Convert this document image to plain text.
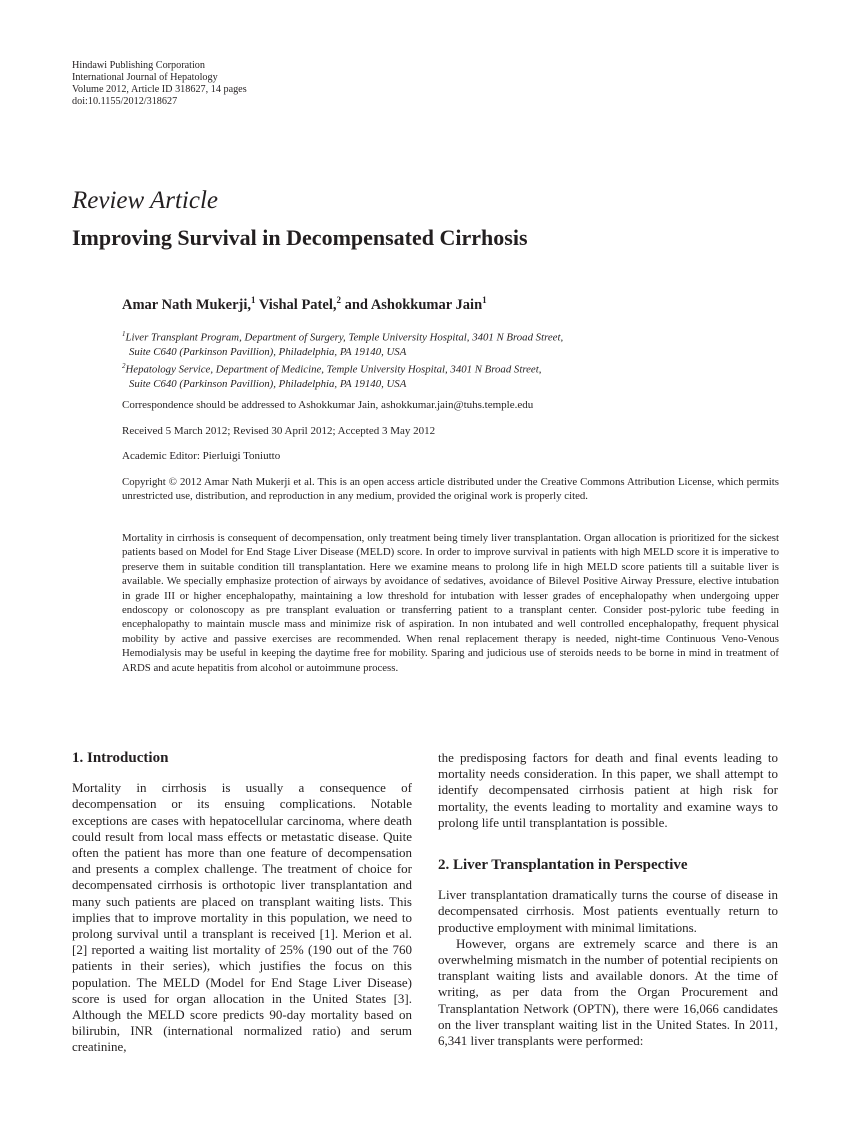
Hindawi Publishing Corporation
International Journal of Hepatology
Volume 2012, Article ID 318627, 14 pages
doi:10.1155/2012/318627
Review Article
Improving Survival in Decompensated Cirrhosis
Amar Nath Mukerji,$^1$ Vishal Patel,$^2$ and Ashokkumar Jain$^1$
$^1$Liver Transplant Program, Department of Surgery, Temple University Hospital, 3401 N Broad Street,
Suite C640 (Parkinson Pavillion), Philadelphia, PA 19140, USA
$^2$Hepatology Service, Department of Medicine, Temple University Hospital, 3401 N Broad Street,
Suite C640 (Parkinson Pavillion), Philadelphia, PA 19140, USA
Correspondence should be addressed to Ashokkumar Jain, ashokkumar.jain@tuhs.temple.edu
Received 5 March 2012; Revised 30 April 2012; Accepted 3 May 2012
Academic Editor: Pierluigi Toniutto
Copyright © 2012 Amar Nath Mukerji et al. This is an open access article distributed under the Creative Commons Attribution License, which permits unrestricted use, distribution, and reproduction in any medium, provided the original work is properly cited.
Mortality in cirrhosis is consequent of decompensation, only treatment being timely liver transplantation. Organ allocation is prioritized for the sickest patients based on Model for End Stage Liver Disease (MELD) score. In order to improve survival in patients with high MELD score it is imperative to preserve them in suitable condition till transplantation. Here we examine means to prolong life in high MELD score patients till a suitable liver is available. We specially emphasize protection of airways by avoidance of sedatives, avoidance of Bilevel Positive Airway Pressure, elective intubation in grade III or higher encephalopathy, maintaining a low threshold for intubation with lesser grades of encephalopathy when undergoing upper endoscopy or colonoscopy as pre transplant evaluation or transferring patient to a transplant center. Consider post-pyloric tube feeding in encephalopathy to maintain muscle mass and minimize risk of aspiration. In non intubated and well controlled encephalopathy, frequent physical mobility by active and passive exercises are recommended. When renal replacement therapy is needed, night-time Continuous Veno-Venous Hemodialysis may be useful in keeping the daytime free for mobility. Sparing and judicious use of steroids needs to be borne in mind in treatment of ARDS and acute hepatitis from alcohol or autoimmune process.
1. Introduction

Mortality in cirrhosis is usually a consequence of decompensation or its ensuing complications. Notable exceptions are cases with hepatocellular carcinoma, where death could result from local mass effects or metastatic disease. Quite often the patient has more than one feature of decompensation and presents a complex challenge. The treatment of choice for decompensated cirrhosis is orthotopic liver transplantation and many such patients are placed on transplant waiting lists. This implies that to improve mortality in this population, we need to prolong survival until a transplant is received [1]. Merion et al. [2] reported a waiting list mortality of 25% (190 out of the 760 patients in their series), which justifies the focus on this population. The MELD (Model for End Stage Liver Disease) score is used for organ allocation in the United States [3]. Although the MELD score predicts 90-day mortality based on bilirubin, INR (international normalized ratio) and serum creatinine,

the predisposing factors for death and final events leading to mortality needs consideration. In this paper, we shall attempt to identify decompensated cirrhosis patient at high risk for mortality, the events leading to mortality and examine ways to prolong life until transplantation is possible.

2. Liver Transplantation in Perspective

Liver transplantation dramatically turns the course of disease in decompensated cirrhosis. Most patients eventually return to productive employment with minimal limitations.

However, organs are extremely scarce and there is an overwhelming mismatch in the number of potential recipients on transplant waiting lists and available donors. At the time of writing, as per data from the Organ Procurement and Transplantation Network (OPTN), there were 16,066 candidates on the liver transplant waiting list in the United States. In 2011, 6,341 liver transplants were performed:
